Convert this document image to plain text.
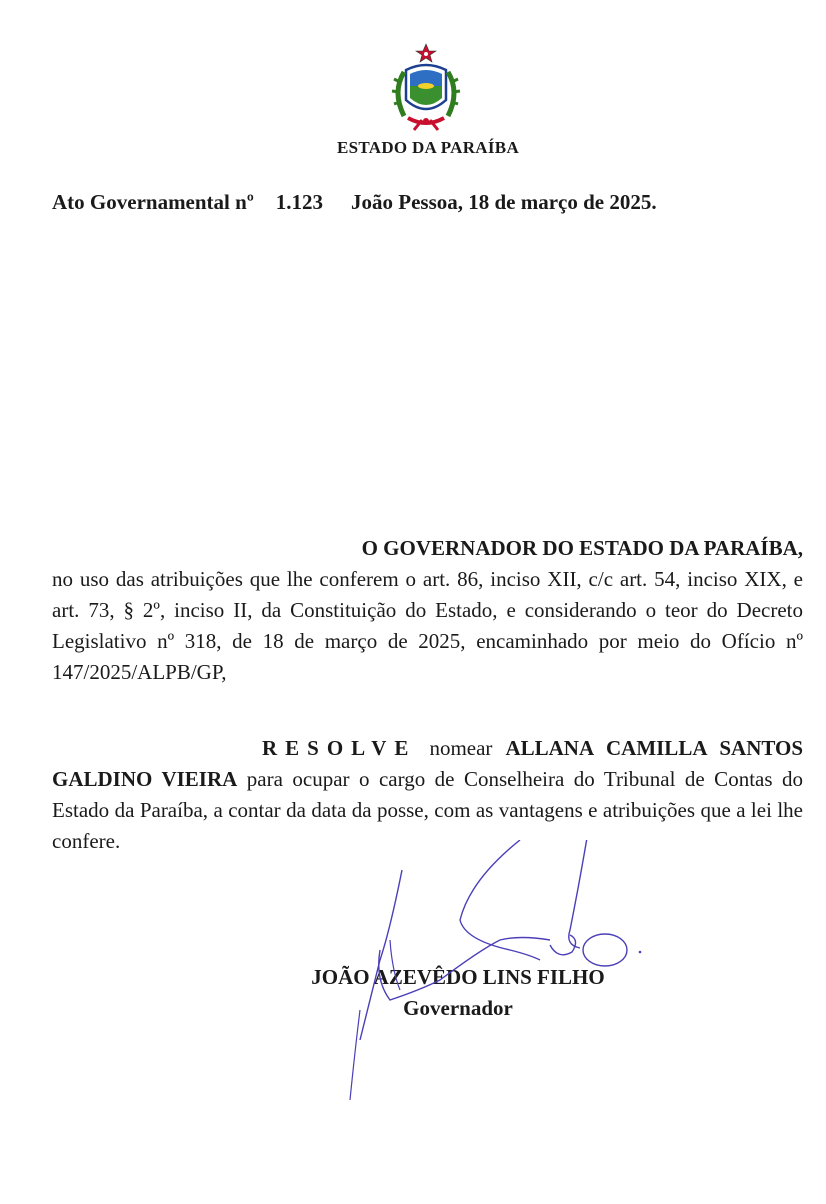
ESTADO DA PARAÍBA
Ato Governamental nº 1.123 João Pessoa, 18 de março de 2025.
O GOVERNADOR DO ESTADO DA PARAÍBA,
no uso das atribuições que lhe conferem o art. 86, inciso XII, c/c art. 54, inciso XIX, e art. 73, § 2º, inciso II, da Constituição do Estado, e considerando o teor do Decreto Legislativo nº 318, de 18 de março de 2025, encaminhado por meio do Ofício nº 147/2025/ALPB/GP,
RESOLVE nomear ALLANA CAMILLA SANTOS GALDINO VIEIRA para ocupar o cargo de Conselheira do Tribunal de Contas do Estado da Paraíba, a contar da data da posse, com as vantagens e atribuições que a lei lhe confere.
JOÃO AZEVÊDO LINS FILHO
Governador
